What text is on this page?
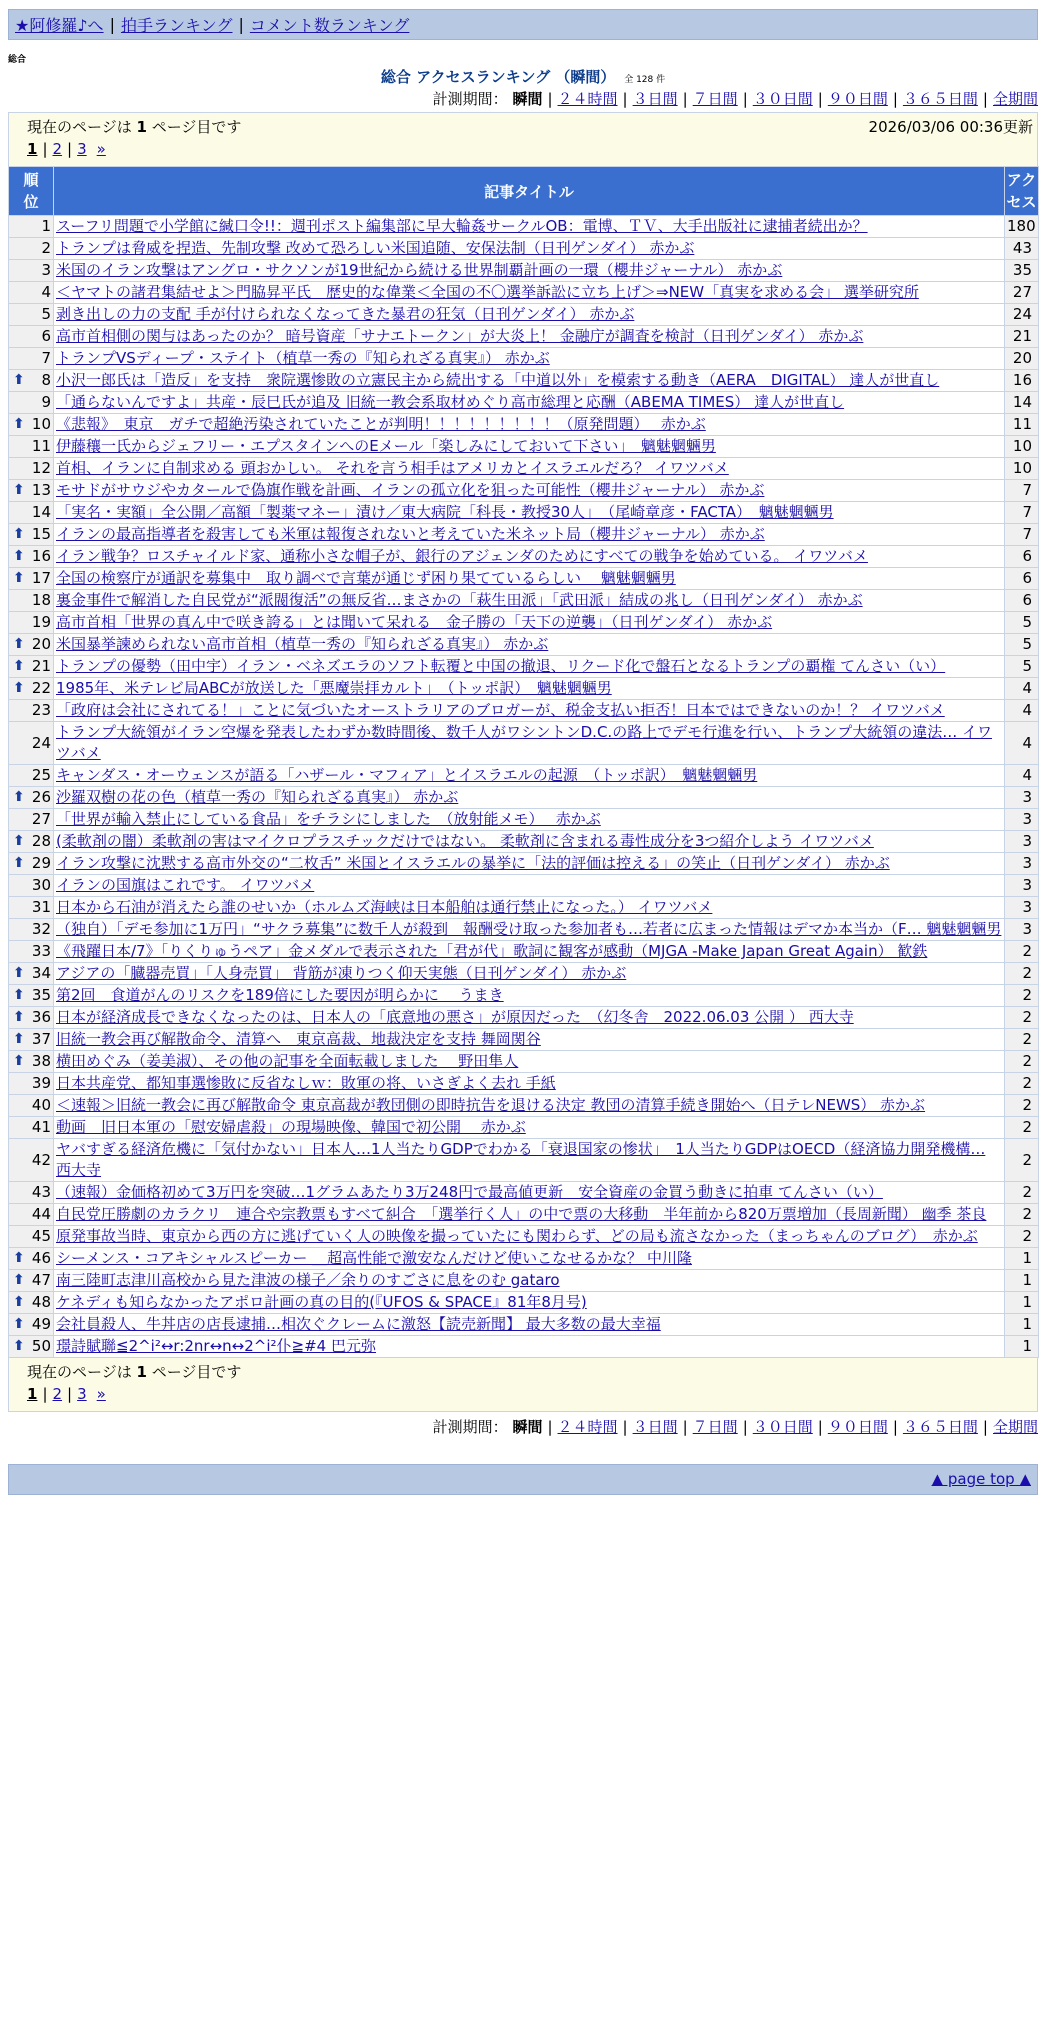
★阿修羅♪へ | 拍手ランキング | コメント数ランキング
総合
総合 アクセスランキング （瞬間） 全 128 件
計測期間： 瞬間 | ２４時間 | ３日間 | ７日間 | ３０日間 | ９０日間 | ３６５日間 | 全期間
現在のページは 1 ページ目です	2026/03/06 00:36更新
1 | 2 | 3 »
順位	記事タイトル	アクセス
1	スーフリ問題で小学館に緘口令!!：週刊ポスト編集部に早大輪姦サークルOB：電博、ＴＶ、大手出版社に逮捕者続出か？	180
2	トランプは脅威を捏造、先制攻撃 改めて恐ろしい米国追随、安保法制（日刊ゲンダイ） 赤かぶ	43
3	米国のイラン攻撃はアングロ・サクソンが19世紀から続ける世界制覇計画の一環（櫻井ジャーナル） 赤かぶ	35
4	＜ヤマトの諸君集結せよ＞門脇昇平氏　歴史的な偉業＜全国の不〇選挙訴訟に立ち上げ＞⇒NEW「真実を求める会」 選挙研究所	27
5	剥き出しの力の支配 手が付けられなくなってきた暴君の狂気（日刊ゲンダイ） 赤かぶ	24
6	高市首相側の関与はあったのか？ 暗号資産「サナエトークン」が大炎上！ 金融庁が調査を検討（日刊ゲンダイ） 赤かぶ	21
7	トランプVSディープ・ステイト（植草一秀の『知られざる真実』） 赤かぶ	20

⬆ 8	小沢一郎氏は「造反」を支持　衆院選惨敗の立憲民主から続出する「中道以外」を模索する動き（AERA　DIGITAL） 達人が世直し	16
9	「通らないんですよ」共産・辰巳氏が追及 旧統一教会系取材めぐり高市総理と応酬（ABEMA TIMES） 達人が世直し	14

⬆ 10	《悲報》　東京　ガチで超絶汚染されていたことが判明！！！！！！！！！（原発問題）　 赤かぶ	11
11	伊藤穰一氏からジェフリー・エプスタインへのEメール「楽しみにしておいて下さい」　魑魅魍魎男	10
12	首相、イランに自制求める 頭おかしい。 それを言う相手はアメリカとイスラエルだろ？ イワツバメ	10

⬆ 13	モサドがサウジやカタールで偽旗作戦を計画、イランの孤立化を狙った可能性（櫻井ジャーナル） 赤かぶ	7
14	「実名・実額」全公開／高額「製薬マネー」漬け／東大病院「科長・教授30人」　（尾崎章彦・FACTA）　魑魅魍魎男	7

⬆ 15	イランの最高指導者を殺害しても米軍は報復されないと考えていた米ネット局（櫻井ジャーナル） 赤かぶ	7

⬆ 16	イラン戦争？ロスチャイルド家、通称小さな帽子が、銀行のアジェンダのためにすべての戦争を始めている。 イワツバメ	6

⬆ 17	全国の検察庁が通訳を募集中　取り調べで言葉が通じず困り果てているらしい　 魑魅魍魎男	6
18	裏金事件で解消した自民党が“派閥復活”の無反省…まさかの「萩生田派」「武田派」結成の兆し（日刊ゲンダイ） 赤かぶ	6
19	高市首相「世界の真ん中で咲き誇る」とは聞いて呆れる　金子勝の「天下の逆襲」（日刊ゲンダイ） 赤かぶ	5

⬆ 20	米国暴挙諫められない高市首相（植草一秀の『知られざる真実』） 赤かぶ	5

⬆ 21	トランプの優勢（田中宇）イラン・ベネズエラのソフト転覆と中国の撤退、リクード化で盤石となるトランプの覇権 てんさい（い）	5

⬆ 22	1985年、米テレビ局ABCが放送した「悪魔崇拝カルト」　（トッポ訳）　魑魅魍魎男	4
23	「政府は会社にされてる！」ことに気づいたオーストラリアのブロガーが、税金支払い拒否！日本ではできないのか！？ イワツバメ	4
24	トランプ大統領がイラン空爆を発表したわずか数時間後、数千人がワシントンD.C.の路上でデモ行進を行い、トランプ大統領の違法… イワツバメ	4
25	キャンダス・オーウェンスが語る「ハザール・マフィア」とイスラエルの起源　（トッポ訳）　魑魅魍魎男	4

⬆ 26	沙羅双樹の花の色（植草一秀の『知られざる真実』） 赤かぶ	3
27	「世界が輸入禁止にしている食品」をチラシにしました　（放射能メモ）　 赤かぶ	3

⬆ 28	(柔軟剤の闇）柔軟剤の害はマイクロプラスチックだけではない。 柔軟剤に含まれる毒性成分を3つ紹介しよう イワツバメ	3

⬆ 29	イラン攻撃に沈黙する高市外交の“二枚舌” 米国とイスラエルの暴挙に「法的評価は控える」の笑止（日刊ゲンダイ） 赤かぶ	3
30	イランの国旗はこれです。 イワツバメ	3
31	日本から石油が消えたら誰のせいか（ホルムズ海峡は日本船舶は通行禁止になった。） イワツバメ	3
32	（独自）「デモ参加に1万円」“サクラ募集”に数千人が殺到　報酬受け取った参加者も…若者に広まった情報はデマか本当か（F… 魑魅魍魎男	3
33	《飛躍日本/7》「りくりゅうペア」金メダルで表示された「君が代」歌詞に観客が感動（MJGA -Make Japan Great Again） 歓鉄	2

⬆ 34	アジアの「臓器売買」「人身売買」 背筋が凍りつく仰天実態（日刊ゲンダイ） 赤かぶ	2

⬆ 35	第2回　食道がんのリスクを189倍にした要因が明らかに　 うまき	2

⬆ 36	日本が経済成長できなくなったのは、日本人の「底意地の悪さ」が原因だった　（幻冬舎　2022.06.03 公開 ） 西大寺	2

⬆ 37	旧統一教会再び解散命令、清算へ　東京高裁、地裁決定を支持 舞岡関谷	2

⬆ 38	横田めぐみ（姜美淑）、その他の記事を全面転載しました　 野田隼人	2
39	日本共産党、都知事選惨敗に反省なしｗ：敗軍の将、いさぎよく去れ 手紙	2
40	＜速報＞旧統一教会に再び解散命令 東京高裁が教団側の即時抗告を退ける決定 教団の清算手続き開始へ（日テレNEWS） 赤かぶ	2
41	動画　旧日本軍の「慰安婦虐殺」の現場映像、韓国で初公開　 赤かぶ	2
42	ヤバすぎる経済危機に「気付かない」日本人…1人当たりGDPでわかる「衰退国家の惨状」　1人当たりGDPはOECD（経済協力開発機構… 西大寺	2
43	（速報）金価格初めて3万円を突破…1グラムあたり3万248円で最高値更新　安全資産の金買う動きに拍車 てんさい（い）	2
44	自民党圧勝劇のカラクリ　連合や宗教票もすべて糾合　「選挙行く人」の中で票の大移動　半年前から820万票増加（長周新聞） 幽季 茶良	2
45	原発事故当時、東京から西の方に逃げていく人の映像を撮っていたにも関わらず、どの局も流さなかった（まっちゃんのブログ）　赤かぶ	2

⬆ 46	シーメンス・コアキシャルスピーカー ＿超高性能で激安なんだけど使いこなせるかな？ 中川隆	1

⬆ 47	南三陸町志津川高校から見た津波の様子／余りのすごさに息をのむ gataro	1

⬆ 48	ケネディも知らなかったアポロ計画の真の目的(『UFOS & SPACE』81年8月号)	1

⬆ 49	会社員殺人、牛丼店の店長逮捕…相次ぐクレームに激怒【読売新聞】 最大多数の最大幸福	1

⬆ 50	璟詩賦聯≦2^i²↔r:2nr↔n↔2^i²仆≧#4 巴元弥	1
現在のページは 1 ページ目です
1 | 2 | 3 »
計測期間： 瞬間 | ２４時間 | ３日間 | ７日間 | ３０日間 | ９０日間 | ３６５日間 | 全期間
▲ page top ▲
